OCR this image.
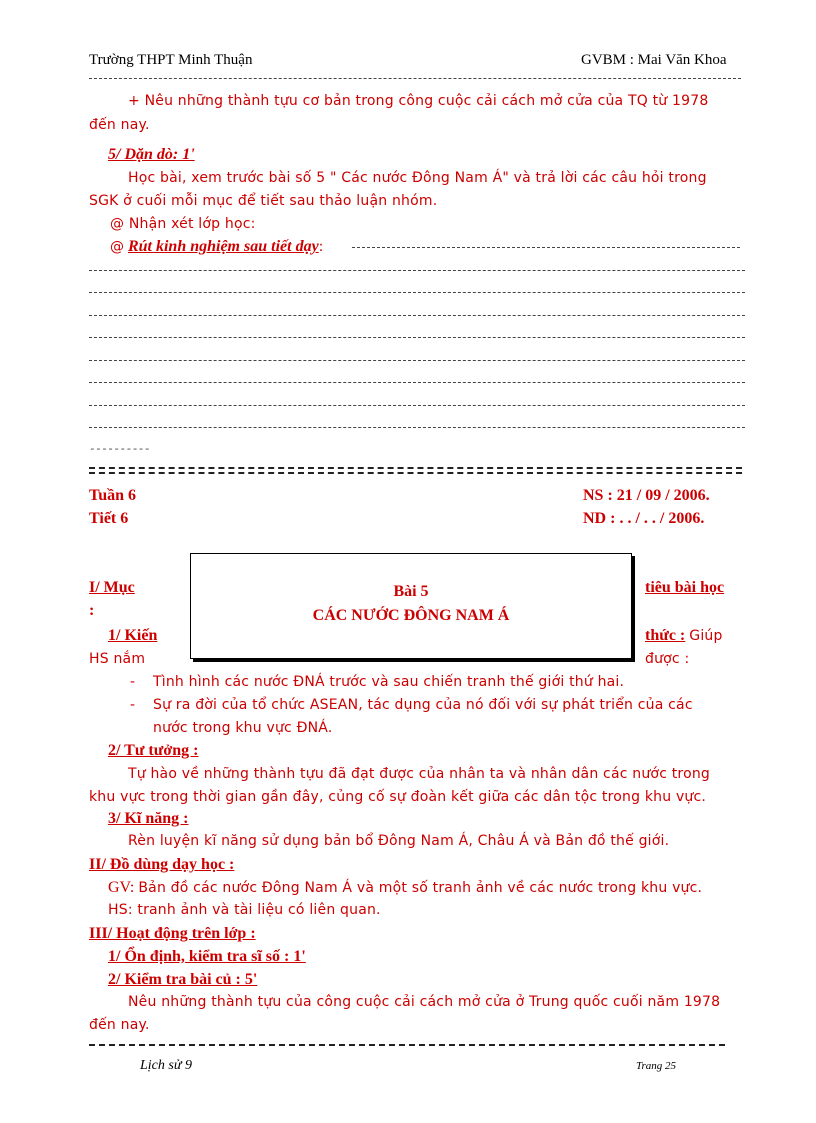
Trường THPT Minh Thuận	GVBM : Mai Văn Khoa
+ Nêu những thành tựu cơ bản trong công cuộc cải cách mở cửa của TQ từ 1978
đến nay.
5/ Dặn dò: 1'
Học bài, xem trước bài số 5 " Các nước Đông Nam Á" và trả lời các câu hỏi trong
SGK ở cuối mỗi mục để tiết sau thảo luận nhóm.
@ Nhận xét lớp học:
@ Rút kinh nghiệm sau tiết dạy:
----------
Tuần 6
Tiết 6
NS : 21 / 09 / 2006.
ND : . . / . . / 2006.
Bài 5
CÁC NƯỚC ĐÔNG NAM Á
I/ Mục	tiêu bài học
:
1/ Kiến	thức : Giúp
HS nắm	được :
- Tình hình các nước ĐNÁ trước và sau chiến tranh thế giới thứ hai.
- Sự ra đời của tổ chức ASEAN, tác dụng của nó đối với sự phát triển của các
nước trong khu vực ĐNÁ.
2/ Tư tưởng :
Tự hào về những thành tựu đã đạt được của nhân ta và nhân dân các nước trong
khu vực trong thời gian gần đây, củng cố sự đoàn kết giữa các dân tộc trong khu vực.
3/ Kĩ năng :
Rèn luyện kĩ năng sử dụng bản bổ Đông Nam Á, Châu Á và Bản đồ thế giới.
II/ Đồ dùng dạy học :
GV: Bản đồ các nước Đông Nam Á và một số tranh ảnh về các nước trong khu vực.
HS: tranh ảnh và tài liệu có liên quan.
III/ Hoạt động trên lớp :
1/ Ổn định, kiểm tra sĩ số : 1'
2/ Kiểm tra bài củ : 5'
Nêu những thành tựu của công cuộc cải cách mở cửa ở Trung quốc cuối năm 1978
đến nay.
Lịch sử 9	Trang 25
